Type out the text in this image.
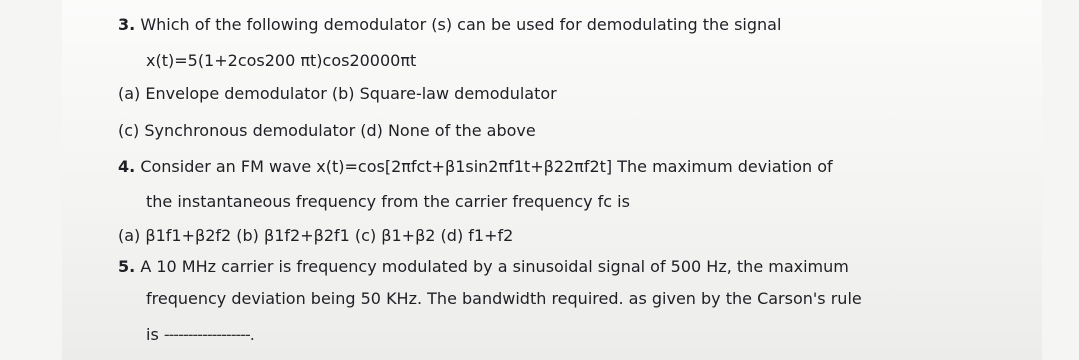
3. Which of the following demodulator (s) can be used for demodulating the signal
x(t)=5(1+2cos200 πt)cos20000πt
(a) Envelope demodulator (b) Square-law demodulator
(c) Synchronous demodulator (d) None of the above
4. Consider an FM wave x(t)=cos[2πfct+β1sin2πf1t+β22πf2t] The maximum deviation of
the instantaneous frequency from the carrier frequency fc is
(a) β1f1+β2f2 (b) β1f2+β2f1 (c) β1+β2 (d) f1+f2
5. A 10 MHz carrier is frequency modulated by a sinusoidal signal of 500 Hz, the maximum
frequency deviation being 50 KHz. The bandwidth required. as given by the Carson's rule
is ------------------.
